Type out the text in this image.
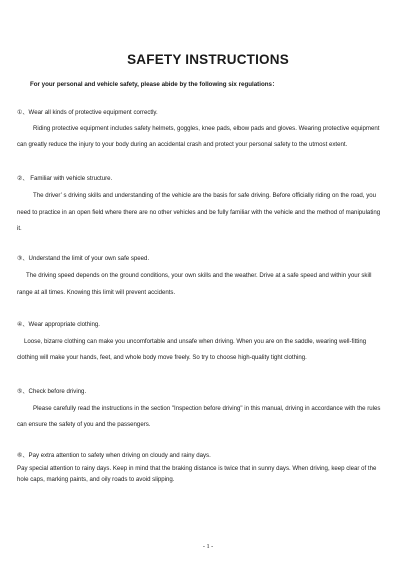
SAFETY INSTRUCTIONS
For your personal and vehicle safety, please abide by the following six regulations：
①、Wear all kinds of protective equipment correctly.
Riding protective equipment includes safety helmets, goggles, knee pads, elbow pads and gloves. Wearing protective equipment
can greatly reduce the injury to your body during an accidental crash and protect your personal safety to the utmost extent.
②、 Familiar with vehicle structure.
The driver’ s driving skills and understanding of the vehicle are the basis for safe driving. Before officially riding on the road, you
need to practice in an open field where there are no other vehicles and be fully familiar with the vehicle and the method of manipulating
it.
③、Understand the limit of your own safe speed.
The driving speed depends on the ground conditions, your own skills and the weather. Drive at a safe speed and within your skill
range at all times. Knowing this limit will prevent accidents.
④、Wear appropriate clothing.
Loose, bizarre clothing can make you uncomfortable and unsafe when driving. When you are on the saddle, wearing well-fitting
clothing will make your hands, feet, and whole body move freely. So try to choose high-quality tight clothing.
⑤、Check before driving.
Please carefully read the instructions in the section "Inspection before driving" in this manual, driving in accordance with the rules
can ensure the safety of you and the passengers.
⑥、Pay extra attention to safety when driving on cloudy and rainy days.
Pay special attention to rainy days. Keep in mind that the braking distance is twice that in sunny days. When driving, keep clear of the
hole caps, marking paints, and oily roads to avoid slipping.
- 1 -
